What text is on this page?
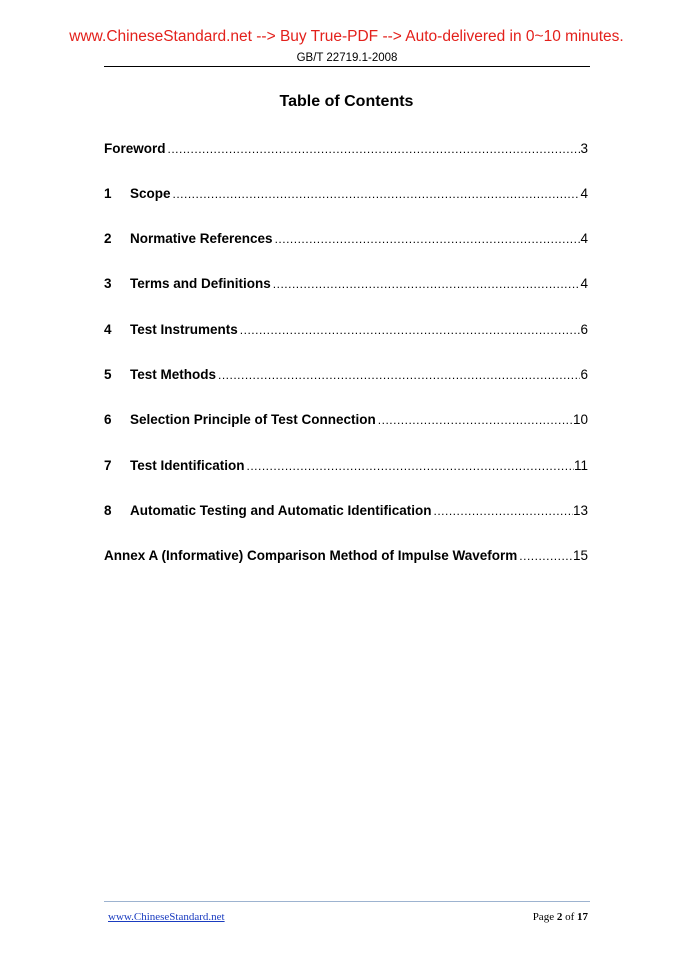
www.ChineseStandard.net --> Buy True-PDF --> Auto-delivered in 0~10 minutes.
GB/T 22719.1-2008
Table of Contents
Foreword .....	3
1	Scope .....	4
2	Normative References .....	4
3	Terms and Definitions .....	4
4	Test Instruments .....	6
5	Test Methods .....	6
6	Selection Principle of Test Connection .....	10
7	Test Identification .....	11
8	Automatic Testing and Automatic Identification .....	13
Annex A (Informative) Comparison Method of Impulse Waveform .....	15
www.ChineseStandard.net	Page 2 of 17
